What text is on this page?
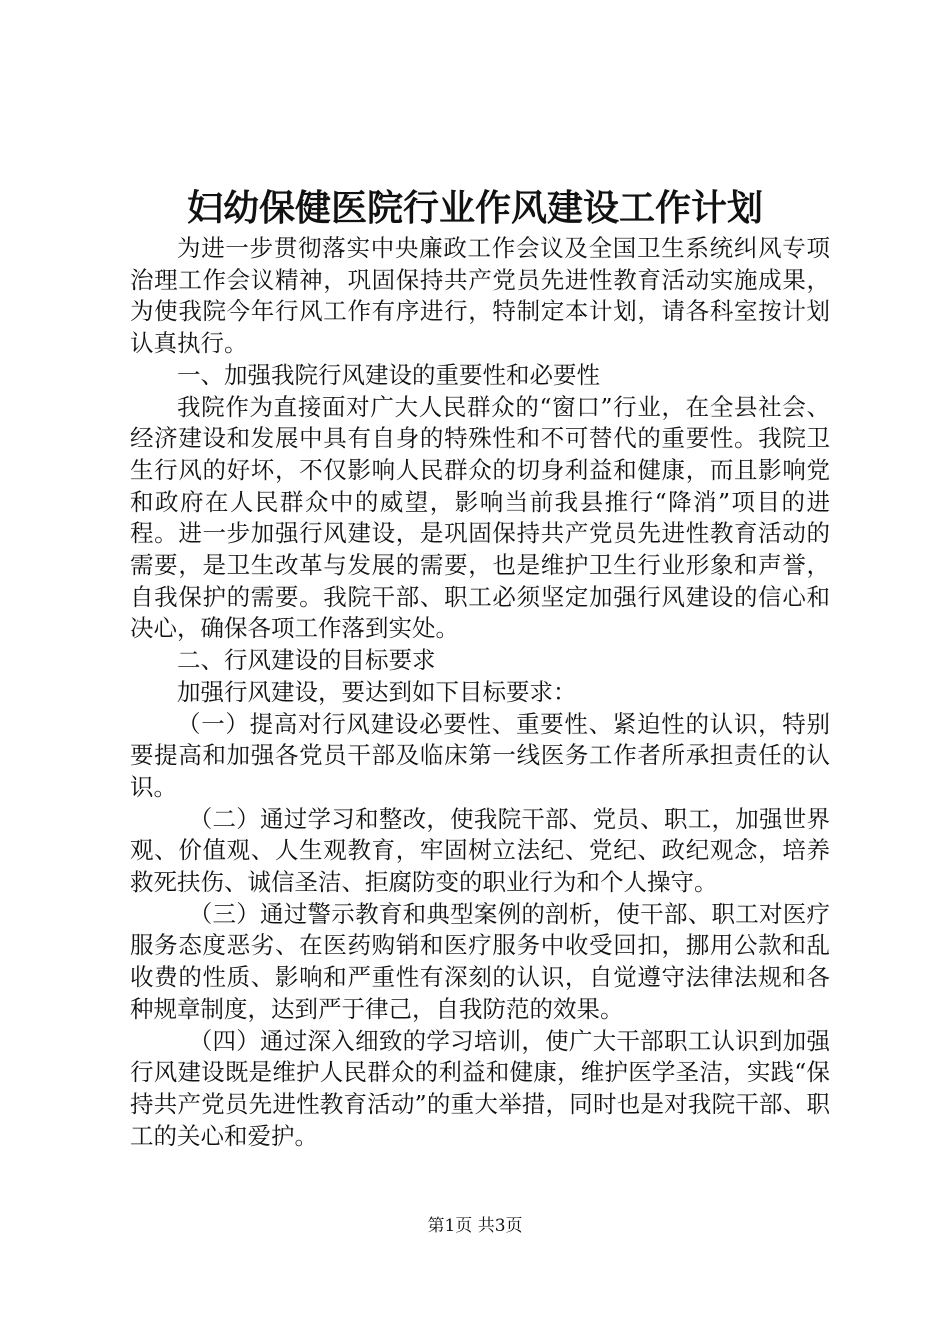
妇幼保健医院行业作风建设工作计划

为进一步贯彻落实中央廉政工作会议及全国卫生系统纠风专项治理工作会议精神，巩固保持共产党员先进性教育活动实施成果，为使我院今年行风工作有序进行，特制定本计划，请各科室按计划认真执行。

一、加强我院行风建设的重要性和必要性

我院作为直接面对广大人民群众的“窗口”行业，在全县社会、经济建设和发展中具有自身的特殊性和不可替代的重要性。我院卫生行风的好坏，不仅影响人民群众的切身利益和健康，而且影响党和政府在人民群众中的威望，影响当前我县推行“降消”项目的进程。进一步加强行风建设，是巩固保持共产党员先进性教育活动的需要，是卫生改革与发展的需要，也是维护卫生行业形象和声誉，自我保护的需要。我院干部、职工必须坚定加强行风建设的信心和决心，确保各项工作落到实处。

二、行风建设的目标要求

加强行风建设，要达到如下目标要求：

（一）提高对行风建设必要性、重要性、紧迫性的认识，特别要提高和加强各党员干部及临床第一线医务工作者所承担责任的认识。

（二）通过学习和整改，使我院干部、党员、职工，加强世界观、价值观、人生观教育，牢固树立法纪、党纪、政纪观念，培养救死扶伤、诚信圣洁、拒腐防变的职业行为和个人操守。

（三）通过警示教育和典型案例的剖析，使干部、职工对医疗服务态度恶劣、在医药购销和医疗服务中收受回扣，挪用公款和乱收费的性质、影响和严重性有深刻的认识，自觉遵守法律法规和各种规章制度，达到严于律己，自我防范的效果。

（四）通过深入细致的学习培训，使广大干部职工认识到加强行风建设既是维护人民群众的利益和健康，维护医学圣洁，实践“保持共产党员先进性教育活动”的重大举措，同时也是对我院干部、职工的关心和爱护。

第1页 共3页
